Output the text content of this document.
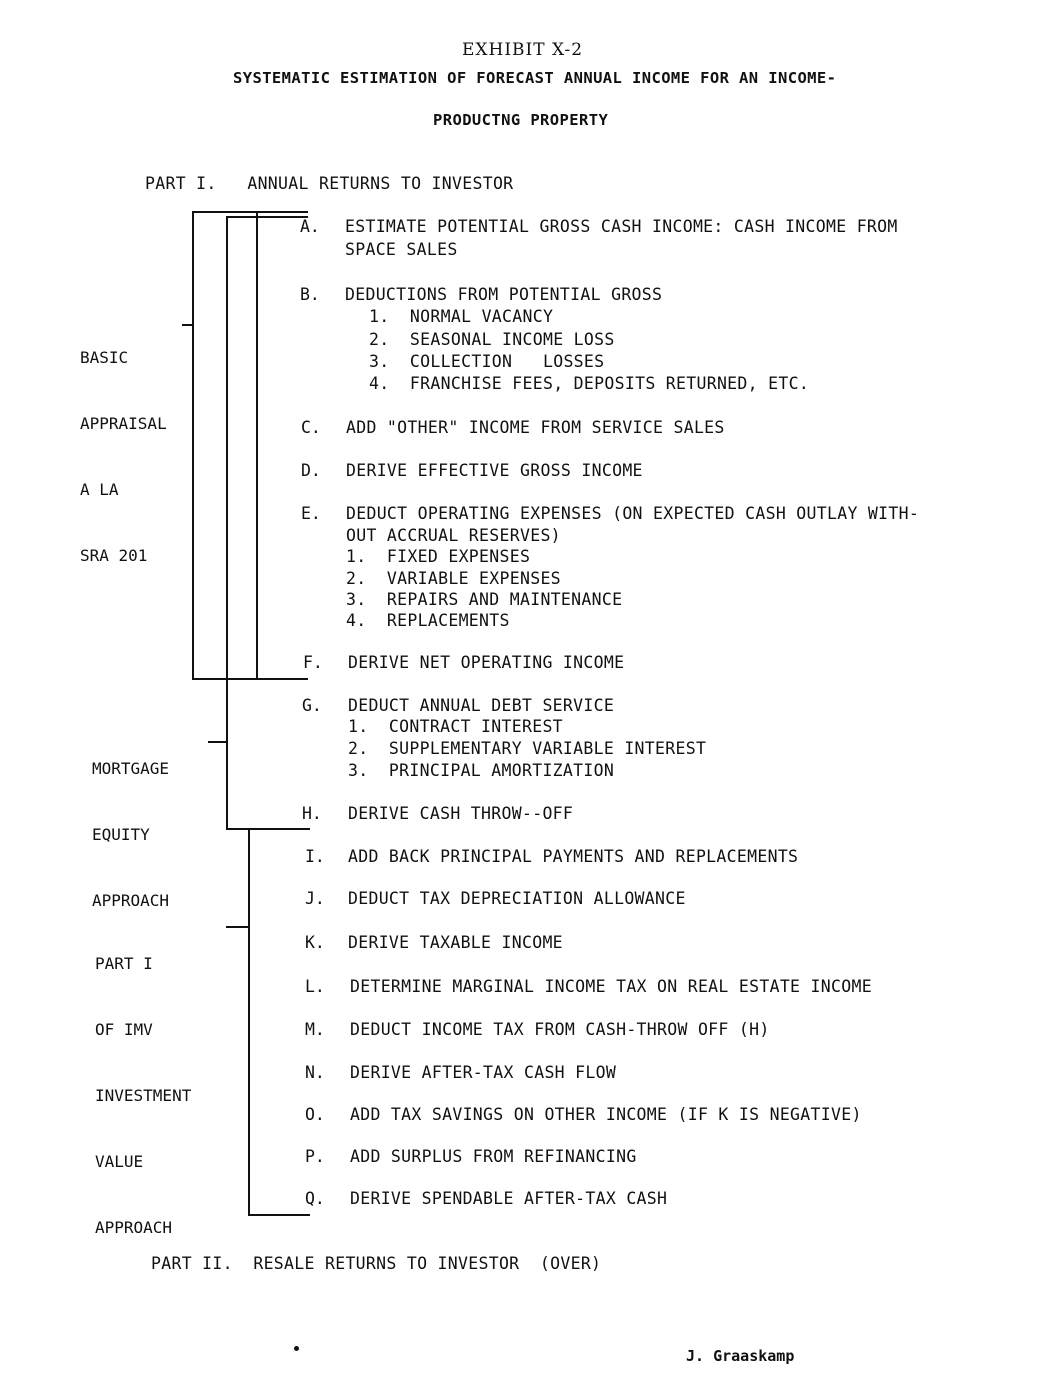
EXHIBIT X-2
SYSTEMATIC ESTIMATION OF FORECAST ANNUAL INCOME FOR AN INCOME-
PRODUCTNG PROPERTY
PART I.   ANNUAL RETURNS TO INVESTOR

BASIC

APPRAISAL

A LA

SRA 201

MORTGAGE

EQUITY

APPROACH

PART I

OF IMV

INVESTMENT

VALUE

APPROACH

A. ESTIMATE POTENTIAL GROSS CASH INCOME: CASH INCOME FROM
SPACE SALES
B. DEDUCTIONS FROM POTENTIAL GROSS
1.  NORMAL VACANCY
2.  SEASONAL INCOME LOSS
3.  COLLECTION   LOSSES
4.  FRANCHISE FEES, DEPOSITS RETURNED, ETC.
C. ADD "OTHER" INCOME FROM SERVICE SALES
D. DERIVE EFFECTIVE GROSS INCOME
E. DEDUCT OPERATING EXPENSES (ON EXPECTED CASH OUTLAY WITH-
OUT ACCRUAL RESERVES)
1.  FIXED EXPENSES
2.  VARIABLE EXPENSES
3.  REPAIRS AND MAINTENANCE
4.  REPLACEMENTS
F. DERIVE NET OPERATING INCOME
G. DEDUCT ANNUAL DEBT SERVICE
1.  CONTRACT INTEREST
2.  SUPPLEMENTARY VARIABLE INTEREST
3.  PRINCIPAL AMORTIZATION
H. DERIVE CASH THROW--OFF
I. ADD BACK PRINCIPAL PAYMENTS AND REPLACEMENTS
J. DEDUCT TAX DEPRECIATION ALLOWANCE
K. DERIVE TAXABLE INCOME
L. DETERMINE MARGINAL INCOME TAX ON REAL ESTATE INCOME
M. DEDUCT INCOME TAX FROM CASH-THROW OFF (H)
N. DERIVE AFTER-TAX CASH FLOW
O. ADD TAX SAVINGS ON OTHER INCOME (IF K IS NEGATIVE)
P. ADD SURPLUS FROM REFINANCING
Q. DERIVE SPENDABLE AFTER-TAX CASH
PART II.  RESALE RETURNS TO INVESTOR  (OVER)
J. Graaskamp
